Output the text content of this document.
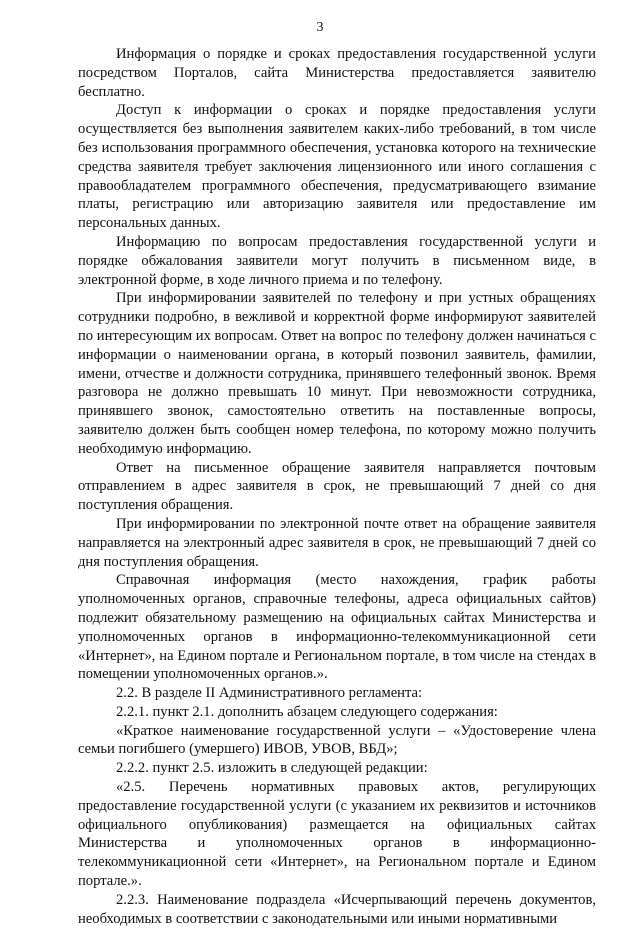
3

Информация о порядке и сроках предоставления государственной услуги посредством Порталов, сайта Министерства предоставляется заявителю бесплатно.

Доступ к информации о сроках и порядке предоставления услуги осуществляется без выполнения заявителем каких-либо требований, в том числе без использования программного обеспечения, установка которого на технические средства заявителя требует заключения лицензионного или иного соглашения с правообладателем программного обеспечения, предусматривающего взимание платы, регистрацию или авторизацию заявителя или предоставление им персональных данных.

Информацию по вопросам предоставления государственной услуги и порядке обжалования заявители могут получить в письменном виде, в электронной форме, в ходе личного приема и по телефону.

При информировании заявителей по телефону и при устных обращениях сотрудники подробно, в вежливой и корректной форме информируют заявителей по интересующим их вопросам. Ответ на вопрос по телефону должен начинаться с информации о наименовании органа, в который позвонил заявитель, фамилии, имени, отчестве и должности сотрудника, принявшего телефонный звонок. Время разговора не должно превышать 10 минут. При невозможности сотрудника, принявшего звонок, самостоятельно ответить на поставленные вопросы, заявителю должен быть сообщен номер телефона, по которому можно получить необходимую информацию.

Ответ на письменное обращение заявителя направляется почтовым отправлением в адрес заявителя в срок, не превышающий 7 дней со дня поступления обращения.

При информировании по электронной почте ответ на обращение заявителя направляется на электронный адрес заявителя в срок, не превышающий 7 дней со дня поступления обращения.

Справочная информация (место нахождения, график работы уполномоченных органов, справочные телефоны, адреса официальных сайтов) подлежит обязательному размещению на официальных сайтах Министерства и уполномоченных органов в информационно-телекоммуникационной сети «Интернет», на Едином портале и Региональном портале, в том числе на стендах в помещении уполномоченных органов.».

2.2. В разделе II Административного регламента:

2.2.1. пункт 2.1. дополнить абзацем следующего содержания:

«Краткое наименование государственной услуги – «Удостоверение члена семьи погибшего (умершего) ИВОВ, УВОВ, ВБД»;

2.2.2. пункт 2.5. изложить в следующей редакции:

«2.5. Перечень нормативных правовых актов, регулирующих предоставление государственной услуги (с указанием их реквизитов и источников официального опубликования) размещается на официальных сайтах Министерства и уполномоченных органов в информационно-телекоммуникационной сети «Интернет», на Региональном портале и Едином портале.».

2.2.3. Наименование подраздела «Исчерпывающий перечень документов, необходимых в соответствии с законодательными или иными нормативными
